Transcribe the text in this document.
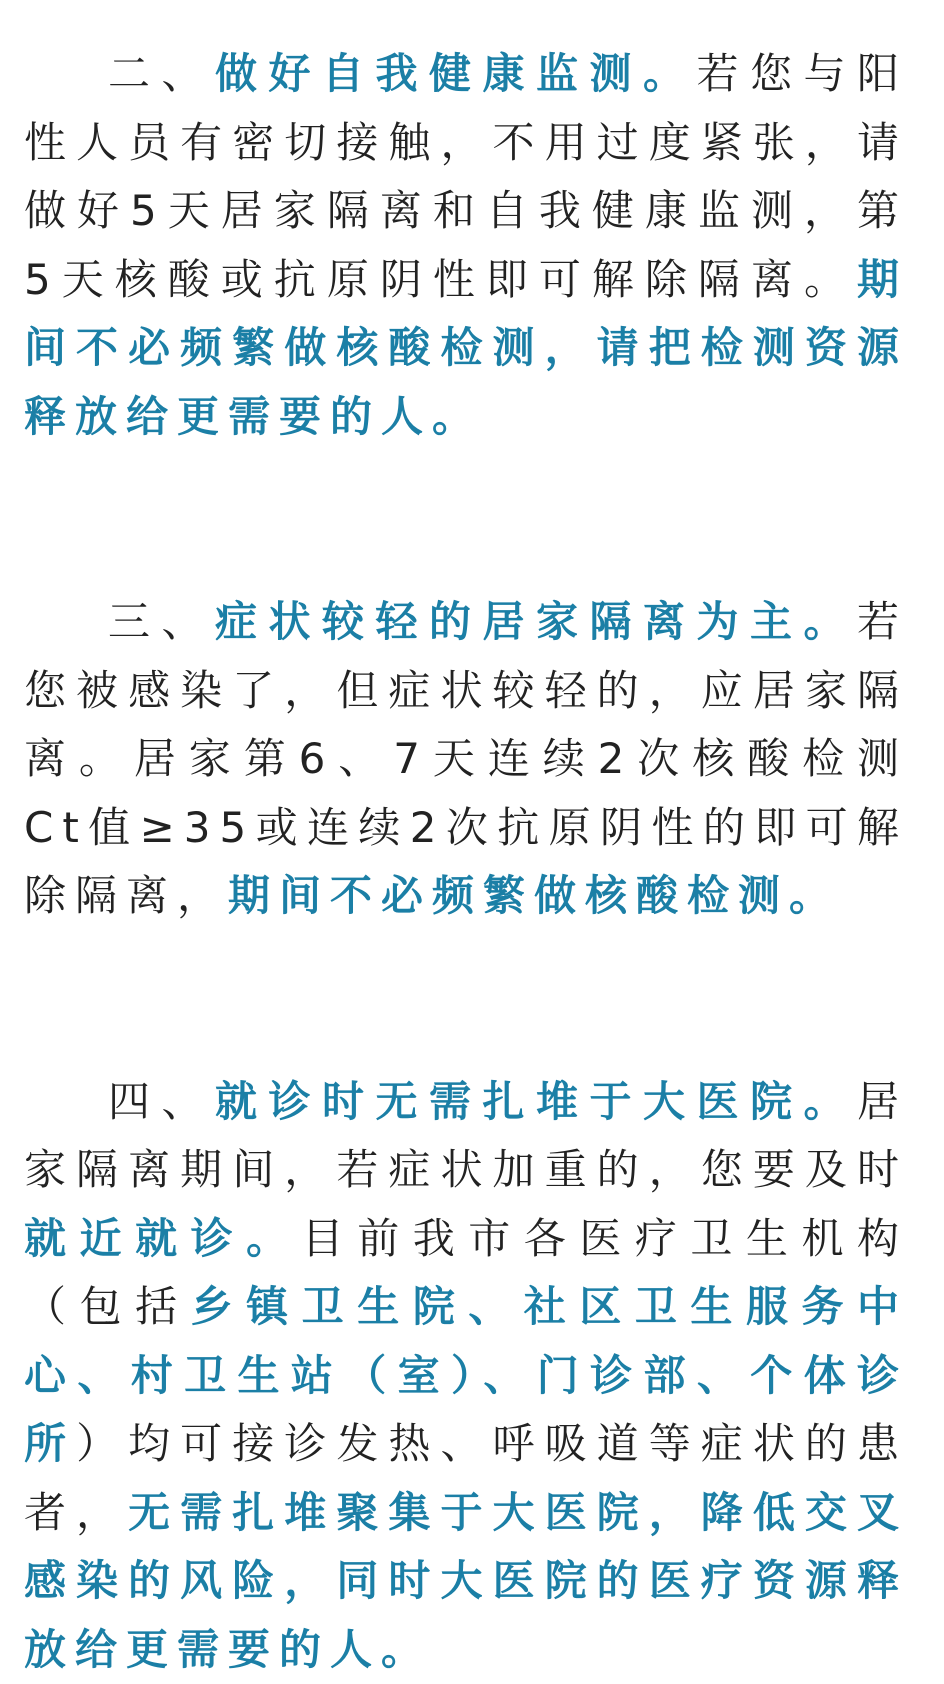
二、做好自我健康监测。若您与阳性人员有密切接触，不用过度紧张，请做好5天居家隔离和自我健康监测，第5天核酸或抗原阴性即可解除隔离。期间不必频繁做核酸检测，请把检测资源释放给更需要的人。

三、症状较轻的居家隔离为主。若您被感染了，但症状较轻的，应居家隔离。居家第6、7天连续2次核酸检测Ct值≥35或连续2次抗原阴性的即可解除隔离，期间不必频繁做核酸检测。

四、就诊时无需扎堆于大医院。居家隔离期间，若症状加重的，您要及时就近就诊。目前我市各医疗卫生机构（包括乡镇卫生院、社区卫生服务中心、村卫生站（室）、门诊部、个体诊所）均可接诊发热、呼吸道等症状的患者，无需扎堆聚集于大医院，降低交叉感染的风险，同时大医院的医疗资源释放给更需要的人。
